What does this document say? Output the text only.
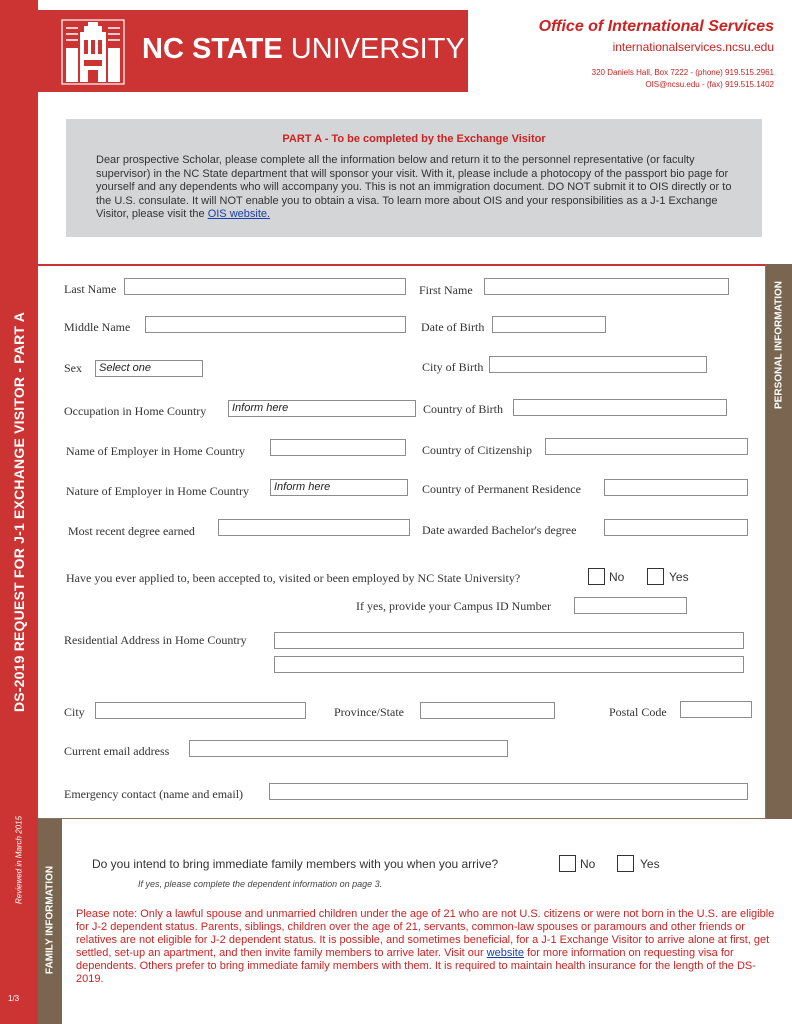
DS-2019 REQUEST FOR J-1 EXCHANGE VISITOR - PART A
Reviewed in March 2015
1/3
NC STATE UNIVERSITY
Office of International Services
internationalservices.ncsu.edu
320 Daniels Hall, Box 7222 - (phone) 919.515.2961
OIS@ncsu.edu - (fax) 919.515.1402
PART A - To be completed by the Exchange Visitor
Dear prospective Scholar, please complete all the information below and return it to the personnel representative (or faculty supervisor) in the NC State department that will sponsor your visit. With it, please include a photocopy of the passport bio page for yourself and any dependents who will accompany you. This is not an immigration document. DO NOT submit it to OIS directly or to the U.S. consulate. It will NOT enable you to obtain a visa. To learn more about OIS and your responsibilities as a J-1 Exchange Visitor, please visit the OIS website.
PERSONAL INFORMATION
Last Name	First Name
Middle Name	Date of Birth
Sex	Select one	City of Birth
Occupation in Home Country	Inform here	Country of Birth
Name of Employer in Home Country	Country of Citizenship
Nature of Employer in Home Country	Inform here	Country of Permanent Residence
Most recent degree earned	Date awarded Bachelor's degree
Have you ever applied to, been accepted to, visited or been employed by NC State University?	No	Yes
If yes, provide your Campus ID Number
Residential Address in Home Country
City	Province/State	Postal Code
Current email address
Emergency contact (name and email)
FAMILY INFORMATION
Do you intend to bring immediate family members with you when you arrive?	No	Yes
If yes, please complete the dependent information on page 3.
Please note: Only a lawful spouse and unmarried children under the age of 21 who are not U.S. citizens or were not born in the U.S. are eligible for J-2 dependent status. Parents, siblings, children over the age of 21, servants, common-law spouses or paramours and other friends or relatives are not eligible for J-2 dependent status. It is possible, and sometimes beneficial, for a J-1 Exchange Visitor to arrive alone at first, get settled, set-up an apartment, and then invite family members to arrive later. Visit our website for more information on requesting visa for dependents. Others prefer to bring immediate family members with them. It is required to maintain health insurance for the length of the DS-2019.
